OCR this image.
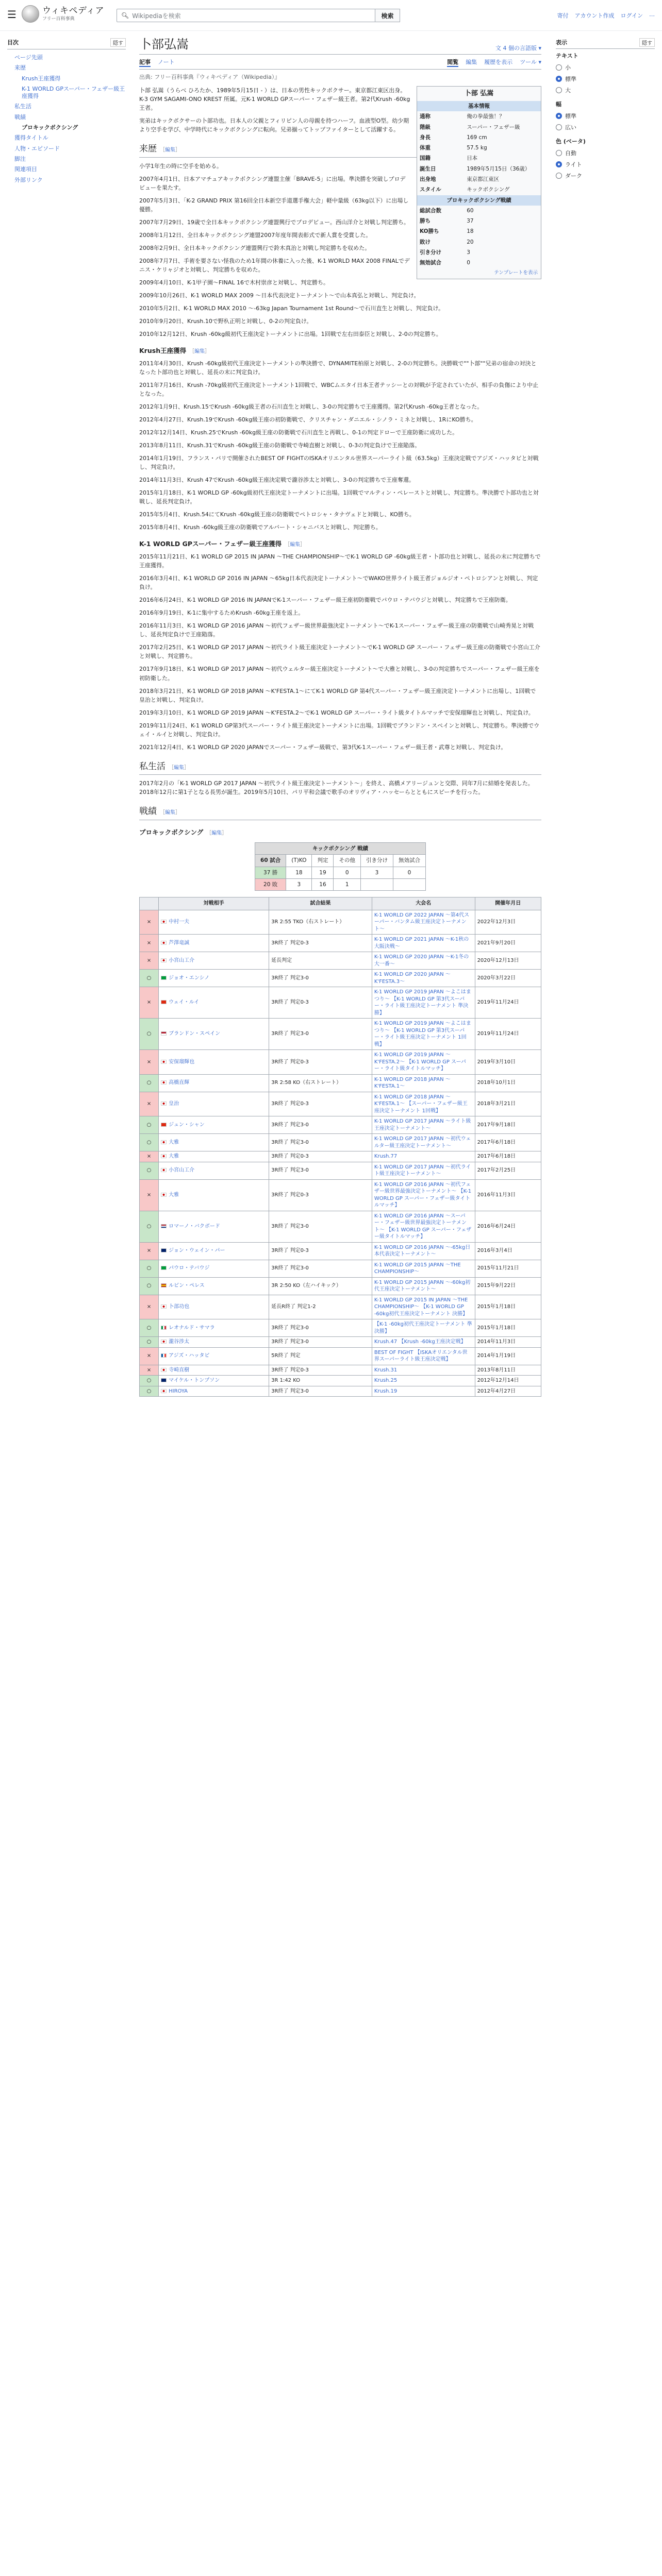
☰	ウィキペディア
フリー百科事典	🔍︎ Wikipediaを検索	検索	寄付 アカウント作成 ログイン ⋯
目次	隠す
ページ先頭
来歴
Krush王座獲得
K-1 WORLD GPスーパー・フェザー級王座獲得
私生活
戦績
プロキックボクシング
獲得タイトル
人物・エピソード
脚注
関連項目
外部リンク
卜部弘嵩	文 4 個の言語版 ▾
記事 ノート	閲覧 編集 履歴を表示 ツール ▾
出典: フリー百科事典『ウィキペディア（Wikipedia）』
卜部 弘嵩
基本情報
通称	俺の拳最強！？
階級	スーパー・フェザー級
身長	169 cm
体重	57.5 kg
国籍	日本
誕生日	1989年5月15日（36歳）
出身地	東京都江東区
スタイル	キックボクシング
プロキックボクシング戦績
総試合数	60
勝ち	37
KO勝ち	18
敗け	20
引き分け	3
無効試合	0
テンプレートを表示

卜部 弘嵩（うらべ ひろたか、1989年5月15日 - ）は、日本の男性キックボクサー。東京都江東区出身。K-3 GYM SAGAMI-ONO KREST 所属。元K-1 WORLD GPスーパー・フェザー級王者。第2代Krush -60kg王者。

実弟はキックボクサーの卜部功也。日本人の父親とフィリピン人の母親を持つハーフ。血液型O型。幼少期より空手を学び、中学時代にキックボクシングに転向。兄弟揃ってトップファイターとして活躍する。

来歴 ［編集］

小学1年生の時に空手を始める。

2007年4月1日、日本アマチュアキックボクシング連盟主催「BRAVE-5」に出場。準決勝を突破しプロデビューを果たす。

2007年5月3日、「K-2 GRAND PRIX 第16回全日本新空手道選手権大会」軽中量級（63kg以下）に出場し優勝。

2007年7月29日、19歳で全日本キックボクシング連盟興行でプロデビュー。西山洋介と対戦し判定勝ち。

2008年1月12日、全日本キックボクシング連盟2007年度年間表彰式で新人賞を受賞した。

2008年2月9日、全日本キックボクシング連盟興行で鈴木真治と対戦し判定勝ちを収めた。

2008年7月7日、手術を要さない怪我のため1年間の休養に入った後、K-1 WORLD MAX 2008 FINALでデニス・ケリャジオと対戦し、判定勝ちを収めた。

2009年4月10日、K-1甲子園〜FINAL 16で木村崇彦と対戦し、判定勝ち。

2009年10月26日、K-1 WORLD MAX 2009 〜日本代表決定トーナメント〜で山本真弘と対戦し、判定負け。

2010年5月2日、K-1 WORLD MAX 2010 〜-63kg Japan Tournament 1st Round〜で石川直生と対戦し、判定負け。

2010年9月20日、Krush.10で野杁正明と対戦し、0-2の判定負け。

2010年12月12日、Krush -60kg級初代王座決定トーナメントに出場。1回戦で左右田泰臣と対戦し、2-0の判定勝ち。

Krush王座獲得 ［編集］

2011年4月30日、Krush -60kg級初代王座決定トーナメントの準決勝で、DYNAMITE柏原と対戦し、2-0の判定勝ち。決勝戦で""卜部""兄弟の宿命の対決となった卜部功也と対戦し、延長の末に判定負け。

2011年7月16日、Krush -70kg級初代王座決定トーナメント1回戦で、WBCムエタイ日本王者テッシーとの対戦が予定されていたが、相手の負傷により中止となった。

2012年1月9日、Krush.15でKrush -60kg級王者の石川直生と対戦し、3-0の判定勝ちで王座獲得。第2代Krush -60kg王者となった。

2012年4月27日、Krush.19でKrush -60kg級王座の初防衛戦で、クリスチャン・ダニエル・シノラ・ミネと対戦し、1RにKO勝ち。

2012年12月14日、Krush.25でKrush -60kg級王座の防衛戦で石川直生と再戦し、0-1の判定ドローで王座防衛に成功した。

2013年8月11日、Krush.31でKrush -60kg級王座の防衛戦で寺崎直樹と対戦し、0-3の判定負けで王座陥落。

2014年1月19日、フランス・パリで開催されたBEST OF FIGHTのISKAオリエンタル世界スーパーライト級（63.5kg）王座決定戦でアジズ・ハッタビと対戦し、判定負け。

2014年11月3日、Krush 47でKrush -60kg級王座決定戦で瀧谷渉太と対戦し、3-0の判定勝ちで王座奪還。

2015年1月18日、K-1 WORLD GP -60kg級初代王座決定トーナメントに出場。1回戦でマルティン・ペレーストと対戦し、判定勝ち。準決勝で卜部功也と対戦し、延長判定負け。

2015年5月4日、Krush.54にてKrush -60kg級王座の防衛戦でペトロシャ・タナヴェドと対戦し、KO勝ち。

2015年8月4日、Krush -60kg級王座の防衛戦でアルバート・シャニバスと対戦し、判定勝ち。

K-1 WORLD GPスーパー・フェザー級王座獲得 ［編集］

2015年11月21日、K-1 WORLD GP 2015 IN JAPAN 〜THE CHAMPIONSHIP〜でK-1 WORLD GP -60kg級王者・卜部功也と対戦し、延長の末に判定勝ちで王座獲得。

2016年3月4日、K-1 WORLD GP 2016 IN JAPAN 〜65kg日本代表決定トーナメント〜でWAKO世界ライト級王者ジョルジオ・ペトロシアンと対戦し、判定負け。

2016年6月24日、K-1 WORLD GP 2016 IN JAPANでK-1スーパー・フェザー級王座初防衛戦でパウロ・テバウジと対戦し、判定勝ちで王座防衛。

2016年9月19日、K-1に集中するためKrush -60kg王座を返上。

2016年11月3日、K-1 WORLD GP 2016 JAPAN 〜初代フェザー級世界最強決定トーナメント〜でK-1スーパー・フェザー級王座の防衛戦で山崎秀晃と対戦し、延長判定負けで王座陥落。

2017年2月25日、K-1 WORLD GP 2017 JAPAN 〜初代ライト級王座決定トーナメント〜でK-1 WORLD GP スーパー・フェザー級王座の防衛戦で小宮山工介と対戦し、判定勝ち。

2017年9月18日、K-1 WORLD GP 2017 JAPAN 〜初代ウェルター級王座決定トーナメント〜で大雅と対戦し、3-0の判定勝ちでスーパー・フェザー級王座を初防衛した。

2018年3月21日、K-1 WORLD GP 2018 JAPAN 〜K'FESTA.1〜にてK-1 WORLD GP 第4代スーパー・フェザー級王座決定トーナメントに出場し、1回戦で皇治と対戦し、判定負け。

2019年3月10日、K-1 WORLD GP 2019 JAPAN 〜K'FESTA.2〜でK-1 WORLD GP スーパー・ライト級タイトルマッチで安保瑠輝也と対戦し、判定負け。

2019年11月24日、K-1 WORLD GP第3代スーパー・ライト級王座決定トーナメントに出場。1回戦でブランドン・スペインと対戦し、判定勝ち。準決勝でウェイ・ルイと対戦し、判定負け。

2021年12月4日、K-1 WORLD GP 2020 JAPANでスーパー・フェザー級戦で、第3代K-1スーパー・フェザー級王者・武尊と対戦し、判定負け。

私生活 ［編集］

2017年2月の「K-1 WORLD GP 2017 JAPAN 〜初代ライト級王座決定トーナメント〜」を終え、高橋メアリージュンと交際、同年7月に結婚を発表した。2018年12月に第1子となる長男が誕生。2019年5月10日、パリ平和会議で歌手のオリヴィア・ハッセーらとともにスピーチを行った。

戦績 ［編集］
プロキックボクシング ［編集］
キックボクシング 戦績					
60 試合	(T)KO	判定	その他	引き分け	無効試合
37 勝	18	19	0	3	0
20 敗	3	16	1		
	対戦相手	試合結果	大会名	開催年月日
×	中村一夫	3R 2:55 TKO（右ストレート）	K-1 WORLD GP 2022 JAPAN 〜第4代スーパー・バンタム級王座決定トーナメント〜	2022年12月3日
×	芦澤竜誠	3R終了 判定0-3	K-1 WORLD GP 2021 JAPAN 〜K-1秋の大阪決戦〜	2021年9月20日
×	小宮山工介	延長判定	K-1 WORLD GP 2020 JAPAN 〜K-1冬の大一番〜	2020年12月13日
○	ジョオ・エンシノ	3R終了 判定3-0	K-1 WORLD GP 2020 JAPAN 〜K'FESTA.3〜	2020年3月22日
×	ウェイ・ルイ	3R終了 判定0-3	K-1 WORLD GP 2019 JAPAN 〜よこはまつり〜 【K-1 WORLD GP 第3代スーパー・ライト級王座決定トーナメント 準決勝】	2019年11月24日
○	ブランドン・スペイン	3R終了 判定3-0	K-1 WORLD GP 2019 JAPAN 〜よこはまつり〜 【K-1 WORLD GP 第3代スーパー・ライト級王座決定トーナメント 1回戦】	2019年11月24日
×	安保瑠輝也	3R終了 判定0-3	K-1 WORLD GP 2019 JAPAN 〜K'FESTA.2〜 【K-1 WORLD GP スーパー・ライト級タイトルマッチ】	2019年3月10日
○	高橋直輝	3R 2:58 KO（右ストレート）	K-1 WORLD GP 2018 JAPAN 〜K'FESTA.1〜	2018年10月1日
×	皇治	3R終了 判定0-3	K-1 WORLD GP 2018 JAPAN 〜K'FESTA.1〜 【スーパー・フェザー級王座決定トーナメント 1回戦】	2018年3月21日
○	ジュン・シャン	3R終了 判定3-0	K-1 WORLD GP 2017 JAPAN 〜ライト級王座決定トーナメント〜	2017年9月18日
○	大雅	3R終了 判定3-0	K-1 WORLD GP 2017 JAPAN 〜初代ウェルター級王座決定トーナメント〜	2017年6月18日
×	大雅	3R終了 判定0-3	Krush.77	2017年6月18日
○	小宮山工介	3R終了 判定3-0	K-1 WORLD GP 2017 JAPAN 〜初代ライト級王座決定トーナメント〜	2017年2月25日
×	大雅	3R終了 判定0-3	K-1 WORLD GP 2016 JAPAN 〜初代フェザー級世界最強決定トーナメント〜 【K-1 WORLD GP スーパー・フェザー級タイトルマッチ】	2016年11月3日
○	ロマーノ・バクボード	3R終了 判定3-0	K-1 WORLD GP 2016 JAPAN 〜スーパー・フェザー級世界最強決定トーナメント〜 【K-1 WORLD GP スーパー・フェザー級タイトルマッチ】	2016年6月24日
×	ジョン・ウェイン・パー	3R終了 判定0-3	K-1 WORLD GP 2016 JAPAN 〜-65kg日本代表決定トーナメント〜	2016年3月4日
○	パウロ・テバウジ	3R終了 判定3-0	K-1 WORLD GP 2015 JAPAN 〜THE CHAMPIONSHIP〜	2015年11月21日
○	ルビン・ペレス	3R 2:50 KO（左ハイキック）	K-1 WORLD GP 2015 JAPAN 〜-60kg初代王座決定トーナメント〜	2015年9月22日
×	卜部功也	延長R終了 判定1-2	K-1 WORLD GP 2015 IN JAPAN 〜THE CHAMPIONSHIP〜 【K-1 WORLD GP -60kg初代王座決定トーナメント 決勝】	2015年1月18日
○	レオナルド・サマラ	3R終了 判定3-0	【K-1 -60kg初代王座決定トーナメント 準決勝】	2015年1月18日
○	瀧谷渉太	3R終了 判定3-0	Krush.47 【Krush -60kg王座決定戦】	2014年11月3日
×	アジズ・ハッタビ	5R終了 判定	BEST OF FIGHT 【ISKAオリエンタル世界スーパーライト級王座決定戦】	2014年1月19日
×	寺崎直樹	3R終了 判定0-3	Krush.31	2013年8月11日
○	マイケル・トンプソン	3R 1:42 KO	Krush.25	2012年12月14日
○	HIROYA	3R終了 判定3-0	Krush.19	2012年4月27日
表示	隠す
テキスト
小
標準
大
幅
標準
広い
色 (ベータ)
自動
ライト
ダーク
